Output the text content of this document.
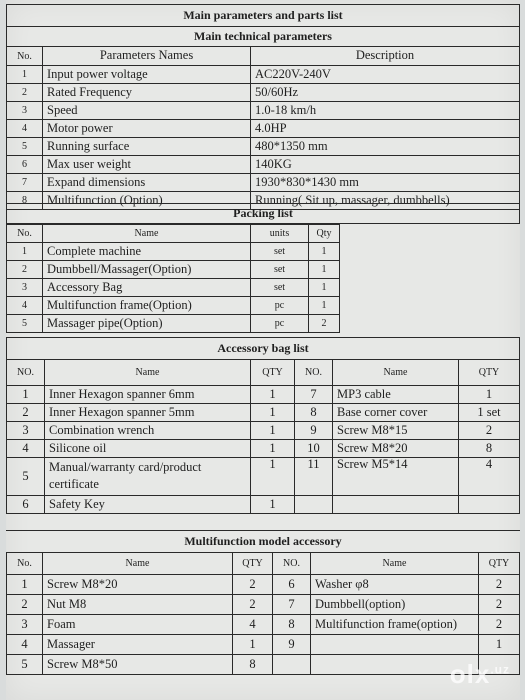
Main parameters and parts list		
Main technical parameters		
No.	Parameters Names	Description
1	Input power voltage	AC220V-240V
2	Rated Frequency	50/60Hz
3	Speed	1.0-18 km/h
4	Motor power	4.0HP
5	Running surface	480*1350 mm
6	Max user weight	140KG
7	Expand dimensions	1930*830*1430 mm
8	Multifunction (Option)	Running( Sit up, massager, dumbbells)
Packing list
No.	Name	units	Qty
1	Complete machine	set	1
2	Dumbbell/Massager(Option)	set	1
3	Accessory Bag	set	1
4	Multifunction frame(Option)	pc	1
5	Massager pipe(Option)	pc	2
Accessory bag list					
NO.	Name	QTY	NO.	Name	QTY
1	Inner Hexagon spanner 6mm	1	7	MP3 cable	1
2	Inner Hexagon spanner 5mm	1	8	Base corner cover	1 set
3	Combination wrench	1	9	Screw M8*15	2
4	Silicone oil	1	10	Screw M8*20	8
5	Manual/warranty card/product
certificate	1	11	Screw M5*14	4
6	Safety Key	1			
Multifunction model accessory
No.	Name	QTY	NO.	Name	QTY
1	Screw M8*20	2	6	Washer φ8	2
2	Nut M8	2	7	Dumbbell(option)	2
3	Foam	4	8	Multifunction frame(option)	2
4	Massager	1	9		1
5	Screw M8*50	8				olx$^{.uz}$
